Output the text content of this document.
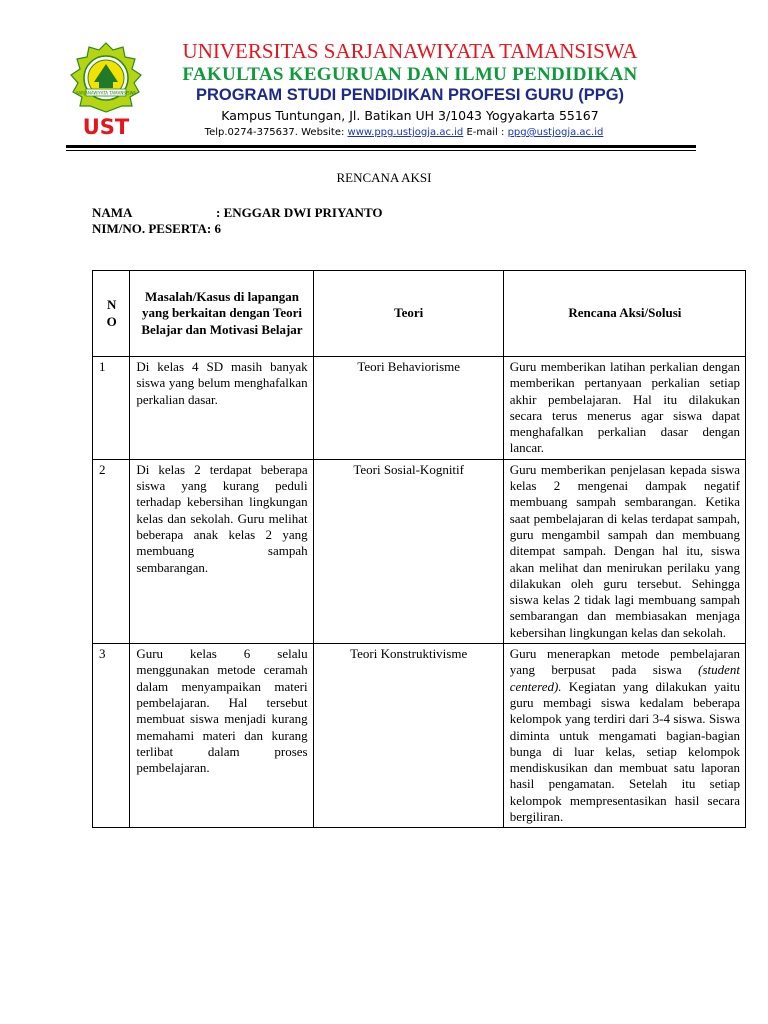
SARJANAWIYATA TAMANSISWA
UST
UNIVERSITAS SARJANAWIYATA TAMANSISWA
FAKULTAS KEGURUAN DAN ILMU PENDIDIKAN
PROGRAM STUDI PENDIDIKAN PROFESI GURU (PPG)
Kampus Tuntungan, Jl. Batikan UH 3/1043 Yogyakarta 55167
Telp.0274-375637. Website: www.ppg.ustjogja.ac.id E-mail : ppg@ustjogja.ac.id
RENCANA AKSI
NAMA	: ENGGAR DWI PRIYANTO
NIM/NO. PESERTA: 6
NO	Masalah/Kasus di lapangan yang berkaitan dengan Teori Belajar dan Motivasi Belajar	Teori	Rencana Aksi/Solusi
1	Di kelas 4 SD masih banyak siswa yang belum menghafalkan perkalian dasar.	Teori Behaviorisme	Guru memberikan latihan perkalian dengan memberikan pertanyaan perkalian setiap akhir pembelajaran. Hal itu dilakukan secara terus menerus agar siswa dapat menghafalkan perkalian dasar dengan lancar.
2	Di kelas 2 terdapat beberapa siswa yang kurang peduli terhadap kebersihan lingkungan kelas dan sekolah. Guru melihat beberapa anak kelas 2 yang membuang sampah sembarangan.	Teori Sosial-Kognitif	Guru memberikan penjelasan kepada siswa kelas 2 mengenai dampak negatif membuang sampah sembarangan. Ketika saat pembelajaran di kelas terdapat sampah, guru mengambil sampah dan membuang ditempat sampah. Dengan hal itu, siswa akan melihat dan menirukan perilaku yang dilakukan oleh guru tersebut. Sehingga siswa kelas 2 tidak lagi membuang sampah sembarangan dan membiasakan menjaga kebersihan lingkungan kelas dan sekolah.
3	Guru kelas 6 selalu menggunakan metode ceramah dalam menyampaikan materi pembelajaran. Hal tersebut membuat siswa menjadi kurang memahami materi dan kurang terlibat dalam proses pembelajaran.	Teori Konstruktivisme	Guru menerapkan metode pembelajaran yang berpusat pada siswa (student centered). Kegiatan yang dilakukan yaitu guru membagi siswa kedalam beberapa kelompok yang terdiri dari 3-4 siswa. Siswa diminta untuk mengamati bagian-bagian bunga di luar kelas, setiap kelompok mendiskusikan dan membuat satu laporan hasil pengamatan. Setelah itu setiap kelompok mempresentasikan hasil secara bergiliran.
